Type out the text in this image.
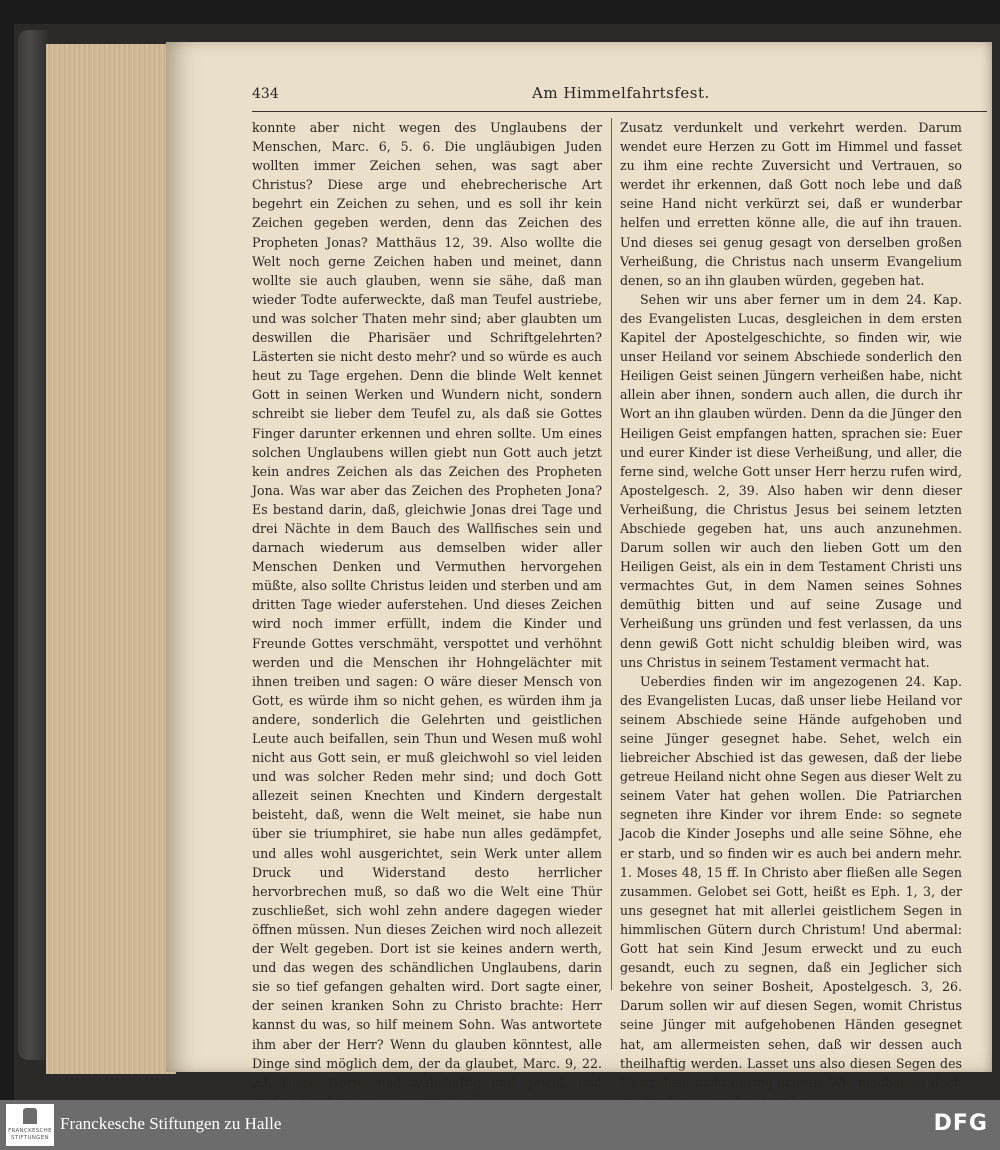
434	Am Himmelfahrtsfest.

konnte aber nicht wegen des Unglaubens der Menschen, Marc. 6, 5. 6. Die ungläubigen Juden wollten immer Zeichen sehen, was sagt aber Christus? Diese arge und ehebrecherische Art begehrt ein Zeichen zu sehen, und es soll ihr kein Zeichen gegeben werden, denn das Zeichen des Propheten Jonas? Matthäus 12, 39. Also wollte die Welt noch gerne Zeichen haben und meinet, dann wollte sie auch glauben, wenn sie sähe, daß man wieder Todte auferweckte, daß man Teufel austriebe, und was solcher Thaten mehr sind; aber glaubten um deswillen die Pharisäer und Schriftgelehrten? Lästerten sie nicht desto mehr? und so würde es auch heut zu Tage ergehen. Denn die blinde Welt kennet Gott in seinen Werken und Wundern nicht, sondern schreibt sie lieber dem Teufel zu, als daß sie Gottes Finger darunter erkennen und ehren sollte. Um eines solchen Unglaubens willen giebt nun Gott auch jetzt kein andres Zeichen als das Zeichen des Propheten Jona. Was war aber das Zeichen des Propheten Jona? Es bestand darin, daß, gleichwie Jonas drei Tage und drei Nächte in dem Bauch des Wallfisches sein und darnach wiederum aus demselben wider aller Menschen Denken und Vermuthen hervorgehen müßte, also sollte Christus leiden und sterben und am dritten Tage wieder auferstehen. Und dieses Zeichen wird noch immer erfüllt, indem die Kinder und Freunde Gottes verschmäht, verspottet und verhöhnt werden und die Menschen ihr Hohngelächter mit ihnen treiben und sagen: O wäre dieser Mensch von Gott, es würde ihm so nicht gehen, es würden ihm ja andere, sonderlich die Gelehrten und geistlichen Leute auch beifallen, sein Thun und Wesen muß wohl nicht aus Gott sein, er muß gleichwohl so viel leiden und was solcher Reden mehr sind; und doch Gott allezeit seinen Knechten und Kindern dergestalt beisteht, daß, wenn die Welt meinet, sie habe nun über sie triumphiret, sie habe nun alles gedämpfet, und alles wohl ausgerichtet, sein Werk unter allem Druck und Widerstand desto herrlicher hervorbrechen muß, so daß wo die Welt eine Thür zuschließet, sich wohl zehn andere dagegen wieder öffnen müssen. Nun dieses Zeichen wird noch allezeit der Welt gegeben. Dort ist sie keines andern werth, und das wegen des schändlichen Unglaubens, darin sie so tief gefangen gehalten wird. Dort sagte einer, der seinen kranken Sohn zu Christo brachte: Herr kannst du was, so hilf meinem Sohn. Was antwortete ihm aber der Herr? Wenn du glauben könntest, alle Dinge sind möglich dem, der da glaubet, Marc. 9, 22. 23. Diese Worte sind wahrhaftig und gewiß, und

Zusatz verdunkelt und verkehrt werden. Darum wendet eure Herzen zu Gott im Himmel und fasset zu ihm eine rechte Zuversicht und Vertrauen, so werdet ihr erkennen, daß Gott noch lebe und daß seine Hand nicht verkürzt sei, daß er wunderbar helfen und erretten könne alle, die auf ihn trauen. Und dieses sei genug gesagt von derselben großen Verheißung, die Christus nach unserm Evangelium denen, so an ihn glauben würden, gegeben hat.

Sehen wir uns aber ferner um in dem 24. Kap. des Evangelisten Lucas, desgleichen in dem ersten Kapitel der Apostelgeschichte, so finden wir, wie unser Heiland vor seinem Abschiede sonderlich den Heiligen Geist seinen Jüngern verheißen habe, nicht allein aber ihnen, sondern auch allen, die durch ihr Wort an ihn glauben würden. Denn da die Jünger den Heiligen Geist empfangen hatten, sprachen sie: Euer und eurer Kinder ist diese Verheißung, und aller, die ferne sind, welche Gott unser Herr herzu rufen wird, Apostelgesch. 2, 39. Also haben wir denn dieser Verheißung, die Christus Jesus bei seinem letzten Abschiede gegeben hat, uns auch anzunehmen. Darum sollen wir auch den lieben Gott um den Heiligen Geist, als ein in dem Testament Christi uns vermachtes Gut, in dem Namen seines Sohnes demüthig bitten und auf seine Zusage und Verheißung uns gründen und fest verlassen, da uns denn gewiß Gott nicht schuldig bleiben wird, was uns Christus in seinem Testament vermacht hat.

Ueberdies finden wir im angezogenen 24. Kap. des Evangelisten Lucas, daß unser liebe Heiland vor seinem Abschiede seine Hände aufgehoben und seine Jünger gesegnet habe. Sehet, welch ein liebreicher Abschied ist das gewesen, daß der liebe getreue Heiland nicht ohne Segen aus dieser Welt zu seinem Vater hat gehen wollen. Die Patriarchen segneten ihre Kinder vor ihrem Ende: so segnete Jacob die Kinder Josephs und alle seine Söhne, ehe er starb, und so finden wir es auch bei andern mehr. 1. Moses 48, 15 ff. In Christo aber fließen alle Segen zusammen. Gelobet sei Gott, heißt es Eph. 1, 3, der uns gesegnet hat mit allerlei geistlichem Segen in himmlischen Gütern durch Christum! Und abermal: Gott hat sein Kind Jesum erweckt und zu euch gesandt, euch zu segnen, daß ein Jeglicher sich bekehre von seiner Bosheit, Apostelgesch. 3, 26. Darum sollen wir auf diesen Segen, womit Christus seine Jünger mit aufgehobenen Händen gesegnet hat, am allermeisten sehen, daß wir dessen auch theilhaftig werden. Lasset uns also diesen Segen des Herrn Jesu nicht gering achten. Wie machen es doch

FRANCKESCHE STIFTUNGEN
Franckesche Stiftungen zu Halle	DFG
